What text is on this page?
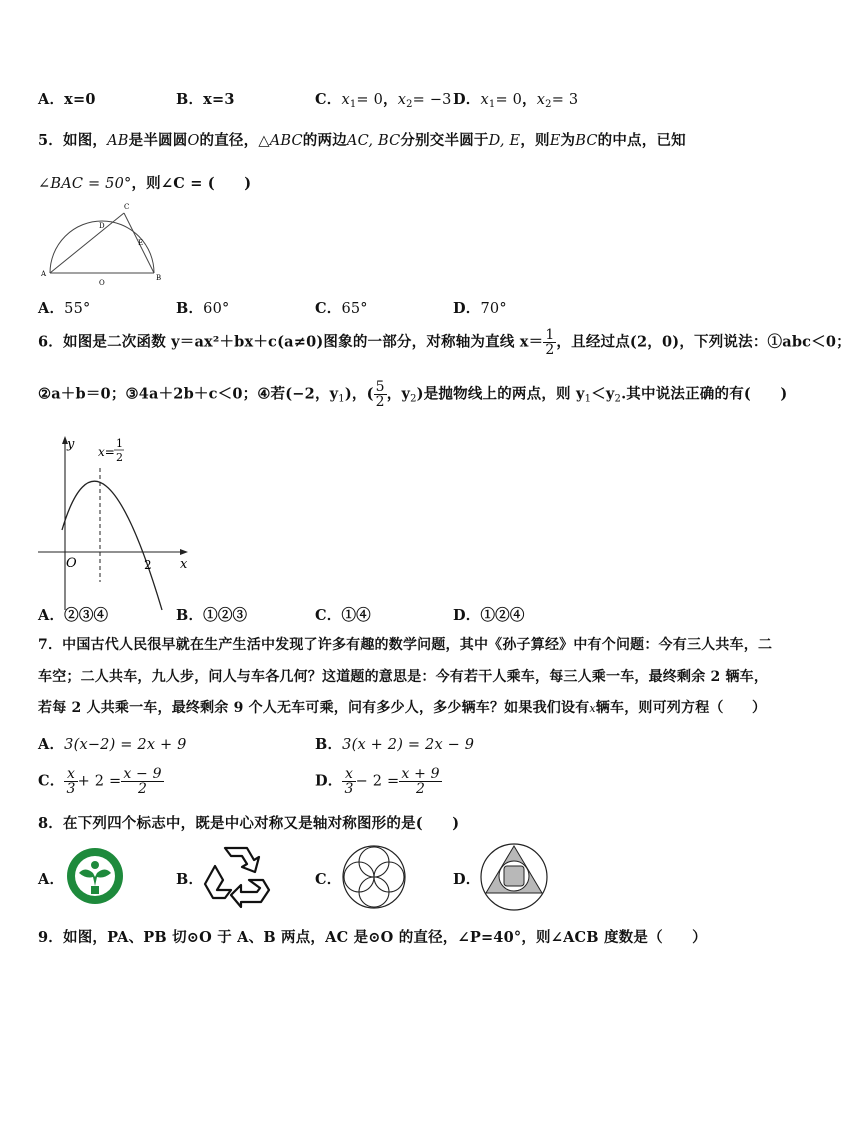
A．x=0	B．x=3	C．$x_1= 0$，$x_2= -3$ D．$x_1= 0$，$x_2= 3$
5．如图，AB是半圆圆O的直径，△ABC的两边AC, BC分别交半圆于D, E，则E为BC的中点，已知
∠BAC = 50°，则∠C = (　　)
A	B
C
D
E
O
A．55°	B．60°	C．65°	D．70°
6．如图是二次函数 y＝ax²＋bx＋c(a≠0)图象的一部分，对称轴为直线 $x= \frac{1}{2}$ ，且经过点(2，0)，下列说法：①abc＜0；
②a＋b＝0；③4a＋2b＋c＜0；④若(−2，$y_1$)，( $\frac{5}{2}$ ，$y_2$)是抛物线上的两点，则 $y_1<y_2$.其中说法正确的有(　　)
y
x
O	2
x=
1
2
A．②③④	B．①②③	C．①④	D．①②④
7．中国古代人民很早就在生产生活中发现了许多有趣的数学问题，其中《孙子算经》中有个问题：今有三人共车，二
车空；二人共车，九人步，问人与车各几何？这道题的意思是：今有若干人乘车，每三人乘一车，最终剩余 2 辆车，
若每 2 人共乘一车，最终剩余 9 个人无车可乘，问有多少人，多少辆车？如果我们设有x辆车，则可列方程（　　）
A．3(x−2) = 2x + 9	B．3(x + 2) = 2x − 9
C． $\frac{x}{3} + 2 = \frac{x - 9}{2}$	D． $\frac{x}{3} - 2 = \frac{x + 9}{2}$
8．在下列四个标志中，既是中心对称又是轴对称图形的是(　　)
A．	B．	C．	D．
9．如图，PA、PB 切⊙O 于 A、B 两点，AC 是⊙O 的直径，∠P=40°，则∠ACB 度数是（　　）
